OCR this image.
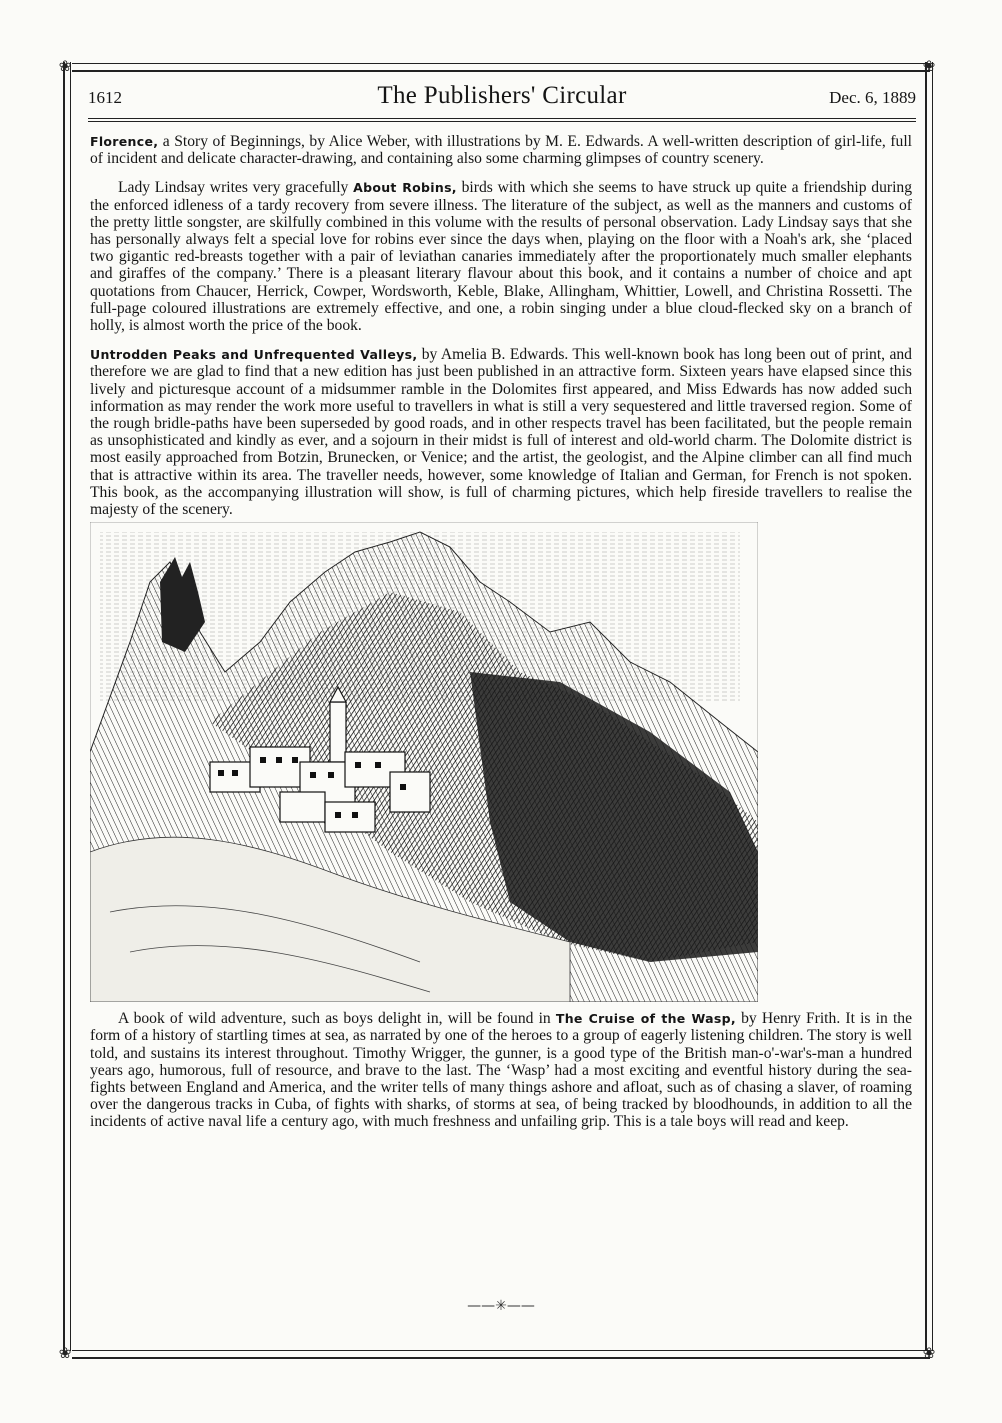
❀	❀
❀	❀
1612	The Publishers' Circular	Dec. 6, 1889

Florence, a Story of Beginnings, by Alice Weber, with illustrations by M. E. Edwards. A well-written description of girl-life, full of incident and delicate character-drawing, and containing also some charming glimpses of country scenery.

Lady Lindsay writes very gracefully About Robins, birds with which she seems to have struck up quite a friendship during the enforced idleness of a tardy recovery from severe illness. The literature of the subject, as well as the manners and customs of the pretty little songster, are skilfully combined in this volume with the results of personal observation. Lady Lindsay says that she has personally always felt a special love for robins ever since the days when, playing on the floor with a Noah's ark, she ‘placed two gigantic red-breasts together with a pair of leviathan canaries immediately after the proportionately much smaller elephants and giraffes of the company.’ There is a pleasant literary flavour about this book, and it contains a number of choice and apt quotations from Chaucer, Herrick, Cowper, Wordsworth, Keble, Blake, Allingham, Whittier, Lowell, and Christina Rossetti. The full-page coloured illustrations are extremely effective, and one, a robin singing under a blue cloud-flecked sky on a branch of holly, is almost worth the price of the book.

Untrodden Peaks and Unfrequented Valleys, by Amelia B. Edwards. This well-known book has long been out of print, and therefore we are glad to find that a new edition has just been published in an attractive form. Sixteen years have elapsed since this lively and picturesque account of a midsummer ramble in the Dolomites first appeared, and Miss Edwards has now added such information as may render the work more useful to travellers in what is still a very sequestered and little traversed region. Some of the rough bridle-paths have been superseded by good roads, and in other respects travel has been facilitated, but the people remain as unsophisticated and kindly as ever, and a sojourn in their midst is full of interest and old-world charm. The Dolomite district is most easily approached from Botzin, Brunecken, or Venice; and the artist, the geologist, and the Alpine climber can all find much that is attractive within its area. The traveller needs, however, some knowledge of Italian and German, for French is not spoken. This book, as the accompanying illustration will show, is full of charming pictures, which help fireside travellers to realise the majesty of the scenery.

A book of wild adventure, such as boys delight in, will be found in The Cruise of the Wasp, by Henry Frith. It is in the form of a history of startling times at sea, as narrated by one of the heroes to a group of eagerly listening children. The story is well told, and sustains its interest throughout. Timothy Wrigger, the gunner, is a good type of the British man-o'-war's-man a hundred years ago, humorous, full of resource, and brave to the last. The ‘Wasp’ had a most exciting and eventful history during the sea-fights between England and America, and the writer tells of many things ashore and afloat, such as of chasing a slaver, of roaming over the dangerous tracks in Cuba, of fights with sharks, of storms at sea, of being tracked by bloodhounds, in addition to all the incidents of active naval life a century ago, with much freshness and unfailing grip. This is a tale boys will read and keep.

——✳——
